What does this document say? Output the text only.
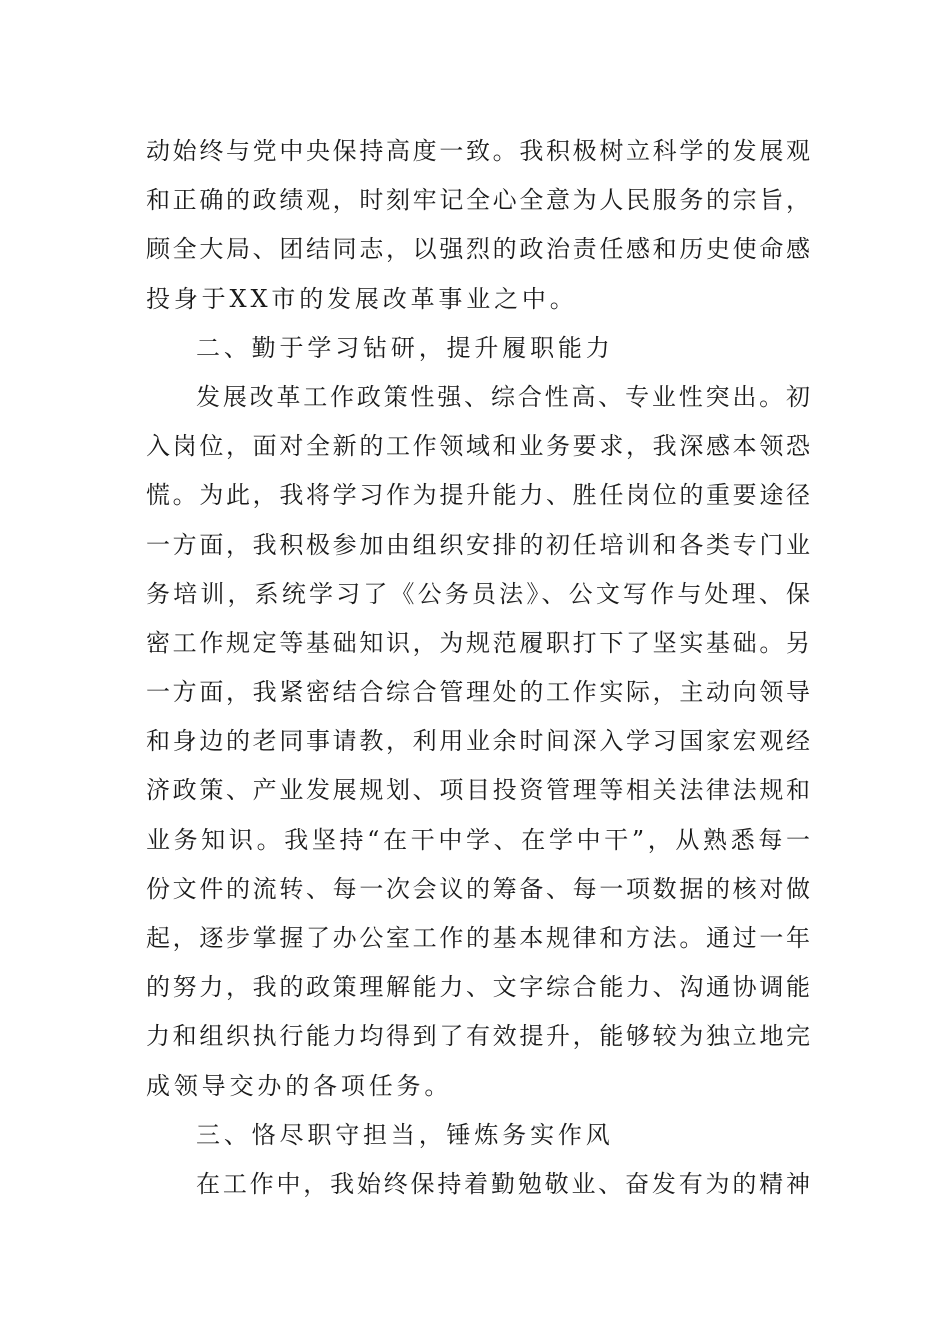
动始终与党中央保持高度一致。我积极树立科学的发展观
和正确的政绩观，时刻牢记全心全意为人民服务的宗旨，
顾全大局、团结同志，以强烈的政治责任感和历史使命感
投身于XX市的发展改革事业之中。
二、勤于学习钻研，提升履职能力
发展改革工作政策性强、综合性高、专业性突出。初
入岗位，面对全新的工作领域和业务要求，我深感本领恐
慌。为此，我将学习作为提升能力、胜任岗位的重要途径
一方面，我积极参加由组织安排的初任培训和各类专门业
务培训，系统学习了《公务员法》、公文写作与处理、保
密工作规定等基础知识，为规范履职打下了坚实基础。另
一方面，我紧密结合综合管理处的工作实际，主动向领导
和身边的老同事请教，利用业余时间深入学习国家宏观经
济政策、产业发展规划、项目投资管理等相关法律法规和
业务知识。我坚持“在干中学、在学中干”，从熟悉每一
份文件的流转、每一次会议的筹备、每一项数据的核对做
起，逐步掌握了办公室工作的基本规律和方法。通过一年
的努力，我的政策理解能力、文字综合能力、沟通协调能
力和组织执行能力均得到了有效提升，能够较为独立地完
成领导交办的各项任务。
三、恪尽职守担当，锤炼务实作风
在工作中，我始终保持着勤勉敬业、奋发有为的精神
